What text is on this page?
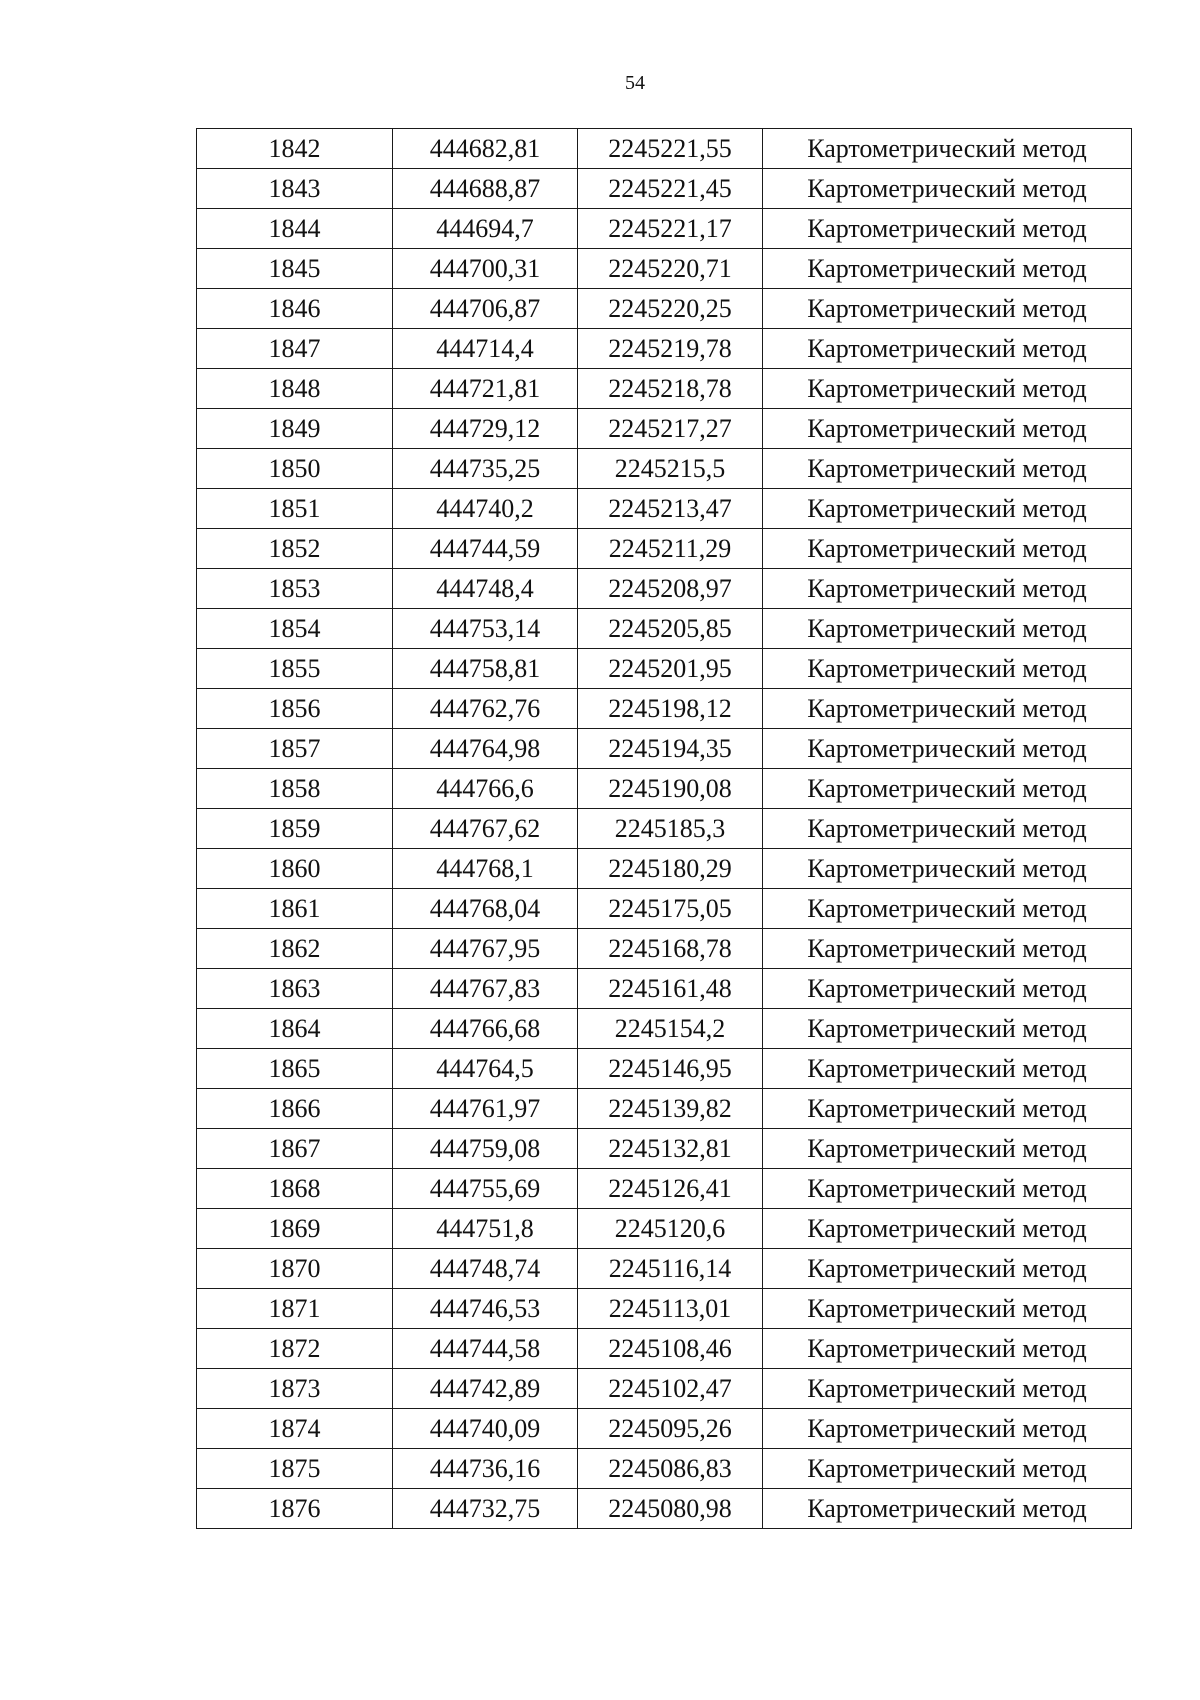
54
1842	444682,81	2245221,55	Картометрический метод
1843	444688,87	2245221,45	Картометрический метод
1844	444694,7	2245221,17	Картометрический метод
1845	444700,31	2245220,71	Картометрический метод
1846	444706,87	2245220,25	Картометрический метод
1847	444714,4	2245219,78	Картометрический метод
1848	444721,81	2245218,78	Картометрический метод
1849	444729,12	2245217,27	Картометрический метод
1850	444735,25	2245215,5	Картометрический метод
1851	444740,2	2245213,47	Картометрический метод
1852	444744,59	2245211,29	Картометрический метод
1853	444748,4	2245208,97	Картометрический метод
1854	444753,14	2245205,85	Картометрический метод
1855	444758,81	2245201,95	Картометрический метод
1856	444762,76	2245198,12	Картометрический метод
1857	444764,98	2245194,35	Картометрический метод
1858	444766,6	2245190,08	Картометрический метод
1859	444767,62	2245185,3	Картометрический метод
1860	444768,1	2245180,29	Картометрический метод
1861	444768,04	2245175,05	Картометрический метод
1862	444767,95	2245168,78	Картометрический метод
1863	444767,83	2245161,48	Картометрический метод
1864	444766,68	2245154,2	Картометрический метод
1865	444764,5	2245146,95	Картометрический метод
1866	444761,97	2245139,82	Картометрический метод
1867	444759,08	2245132,81	Картометрический метод
1868	444755,69	2245126,41	Картометрический метод
1869	444751,8	2245120,6	Картометрический метод
1870	444748,74	2245116,14	Картометрический метод
1871	444746,53	2245113,01	Картометрический метод
1872	444744,58	2245108,46	Картометрический метод
1873	444742,89	2245102,47	Картометрический метод
1874	444740,09	2245095,26	Картометрический метод
1875	444736,16	2245086,83	Картометрический метод
1876	444732,75	2245080,98	Картометрический метод
